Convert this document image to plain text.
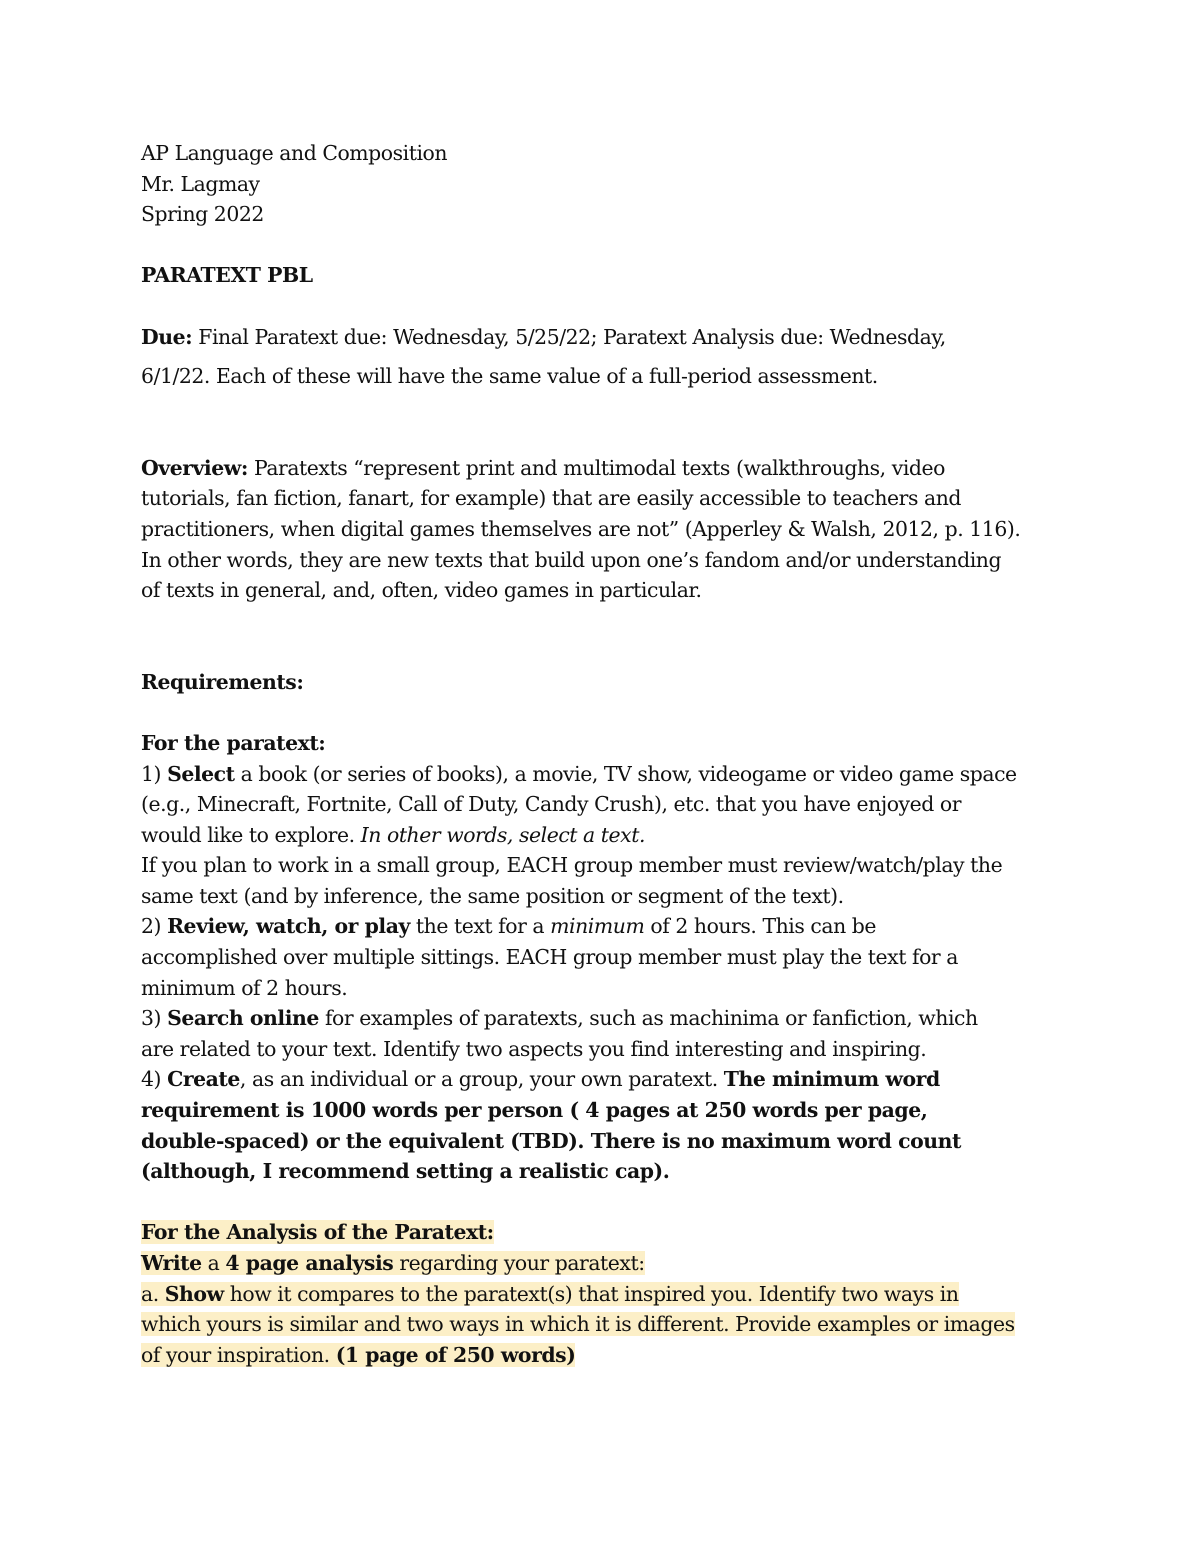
AP Language and Composition
Mr. Lagmay
Spring 2022
PARATEXT PBL
Due: Final Paratext due: Wednesday, 5/25/22; Paratext Analysis due: Wednesday,
6/1/22. Each of these will have the same value of a full-period assessment.
Overview: Paratexts “represent print and multimodal texts (walkthroughs, video
tutorials, fan fiction, fanart, for example) that are easily accessible to teachers and
practitioners, when digital games themselves are not” (Apperley & Walsh, 2012, p. 116).
In other words, they are new texts that build upon one’s fandom and/or understanding
of texts in general, and, often, video games in particular.
Requirements:
For the paratext:
1) Select a book (or series of books), a movie, TV show, videogame or video game space
(e.g., Minecraft, Fortnite, Call of Duty, Candy Crush), etc. that you have enjoyed or
would like to explore. In other words, select a text.
If you plan to work in a small group, EACH group member must review/watch/play the
same text (and by inference, the same position or segment of the text).
2) Review, watch, or play the text for a minimum of 2 hours. This can be
accomplished over multiple sittings. EACH group member must play the text for a
minimum of 2 hours.
3) Search online for examples of paratexts, such as machinima or fanfiction, which
are related to your text. Identify two aspects you find interesting and inspiring.
4) Create, as an individual or a group, your own paratext. The minimum word
requirement is 1000 words per person ( 4 pages at 250 words per page,
double-spaced) or the equivalent (TBD). There is no maximum word count
(although, I recommend setting a realistic cap).
For the Analysis of the Paratext:
Write a 4 page analysis regarding your paratext:
a. Show how it compares to the paratext(s) that inspired you. Identify two ways in
which yours is similar and two ways in which it is different. Provide examples or images
of your inspiration. (1 page of 250 words)
